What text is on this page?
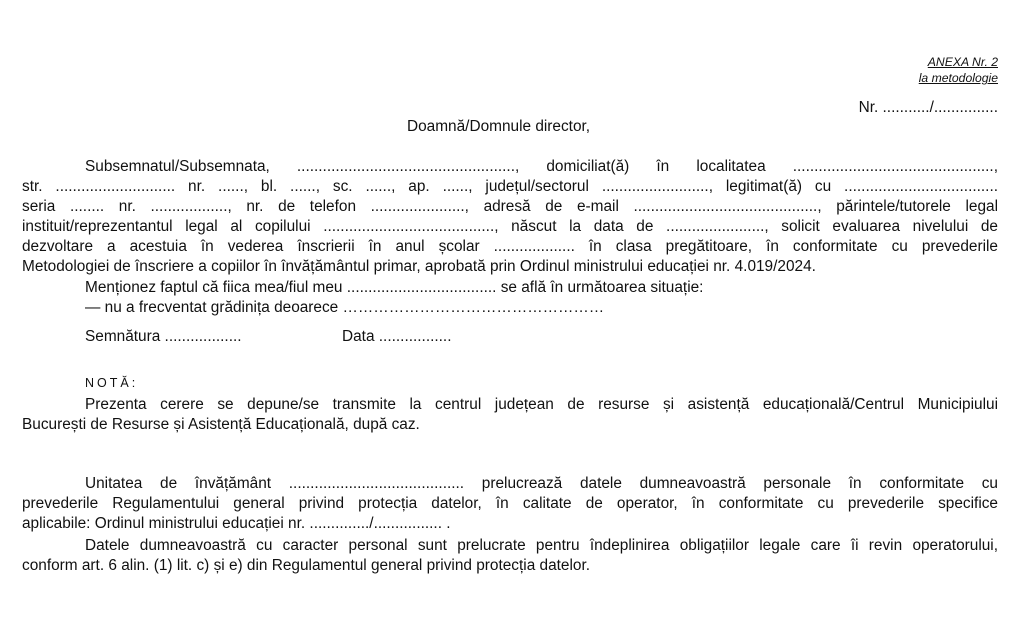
ANEXA Nr. 2
la metodologie
Nr. .........../...............
Doamnă/Domnule director,
Subsemnatul/Subsemnata, ..................................................., domiciliat(ă) în localitatea ...............................................,
str. ............................ nr. ......, bl. ......, sc. ......, ap. ......, județul/sectorul ........................., legitimat(ă) cu ....................................
seria ........ nr. .................., nr. de telefon ......................, adresă de e-mail ..........................................., părintele/tutorele legal
instituit/reprezentantul legal al copilului ........................................, născut la data de ......................., solicit evaluarea nivelului de
dezvoltare a acestuia în vederea înscrierii în anul școlar ................... în clasa pregătitoare, în conformitate cu prevederile
Metodologiei de înscriere a copiilor în învățământul primar, aprobată prin Ordinul ministrului educației nr. 4.019/2024.
Menționez faptul că fiica mea/fiul meu ................................... se află în următoarea situație:
— nu a frecventat grădinița deoarece ……………………………………………
Semnătura ..................	Data .................
NOTĂ:
Prezenta cerere se depune/se transmite la centrul județean de resurse și asistență educațională/Centrul Municipiului
București de Resurse și Asistență Educațională, după caz.
Unitatea de învățământ ......................................... prelucrează datele dumneavoastră personale în conformitate cu
prevederile Regulamentului general privind protecția datelor, în calitate de operator, în conformitate cu prevederile specifice
aplicabile: Ordinul ministrului educației nr. ............../................ .
Datele dumneavoastră cu caracter personal sunt prelucrate pentru îndeplinirea obligațiilor legale care îi revin operatorului,
conform art. 6 alin. (1) lit. c) și e) din Regulamentul general privind protecția datelor.
